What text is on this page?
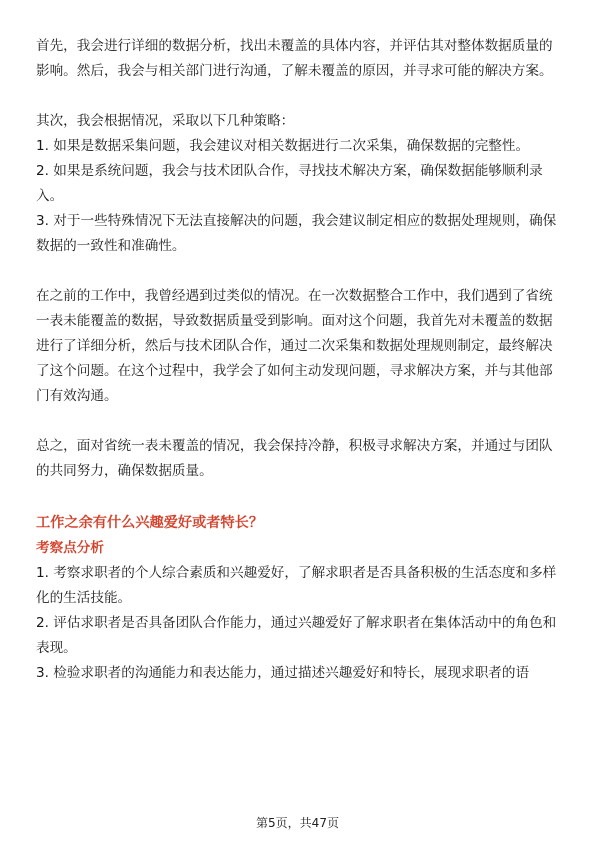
首先，我会进行详细的数据分析，找出未覆盖的具体内容，并评估其对整体数据质量的影响。然后，我会与相关部门进行沟通，了解未覆盖的原因，并寻求可能的解决方案。

其次，我会根据情况，采取以下几种策略：

1. 如果是数据采集问题，我会建议对相关数据进行二次采集，确保数据的完整性。

2. 如果是系统问题，我会与技术团队合作，寻找技术解决方案，确保数据能够顺利录入。

3. 对于一些特殊情况下无法直接解决的问题，我会建议制定相应的数据处理规则，确保数据的一致性和准确性。

在之前的工作中，我曾经遇到过类似的情况。在一次数据整合工作中，我们遇到了省统一表未能覆盖的数据，导致数据质量受到影响。面对这个问题，我首先对未覆盖的数据进行了详细分析，然后与技术团队合作，通过二次采集和数据处理规则制定，最终解决了这个问题。在这个过程中，我学会了如何主动发现问题，寻求解决方案，并与其他部门有效沟通。

总之，面对省统一表未覆盖的情况，我会保持冷静，积极寻求解决方案，并通过与团队的共同努力，确保数据质量。

工作之余有什么兴趣爱好或者特长？

考察点分析

1. 考察求职者的个人综合素质和兴趣爱好，了解求职者是否具备积极的生活态度和多样化的生活技能。

2. 评估求职者是否具备团队合作能力，通过兴趣爱好了解求职者在集体活动中的角色和表现。

3. 检验求职者的沟通能力和表达能力，通过描述兴趣爱好和特长，展现求职者的语

第5页，共47页
